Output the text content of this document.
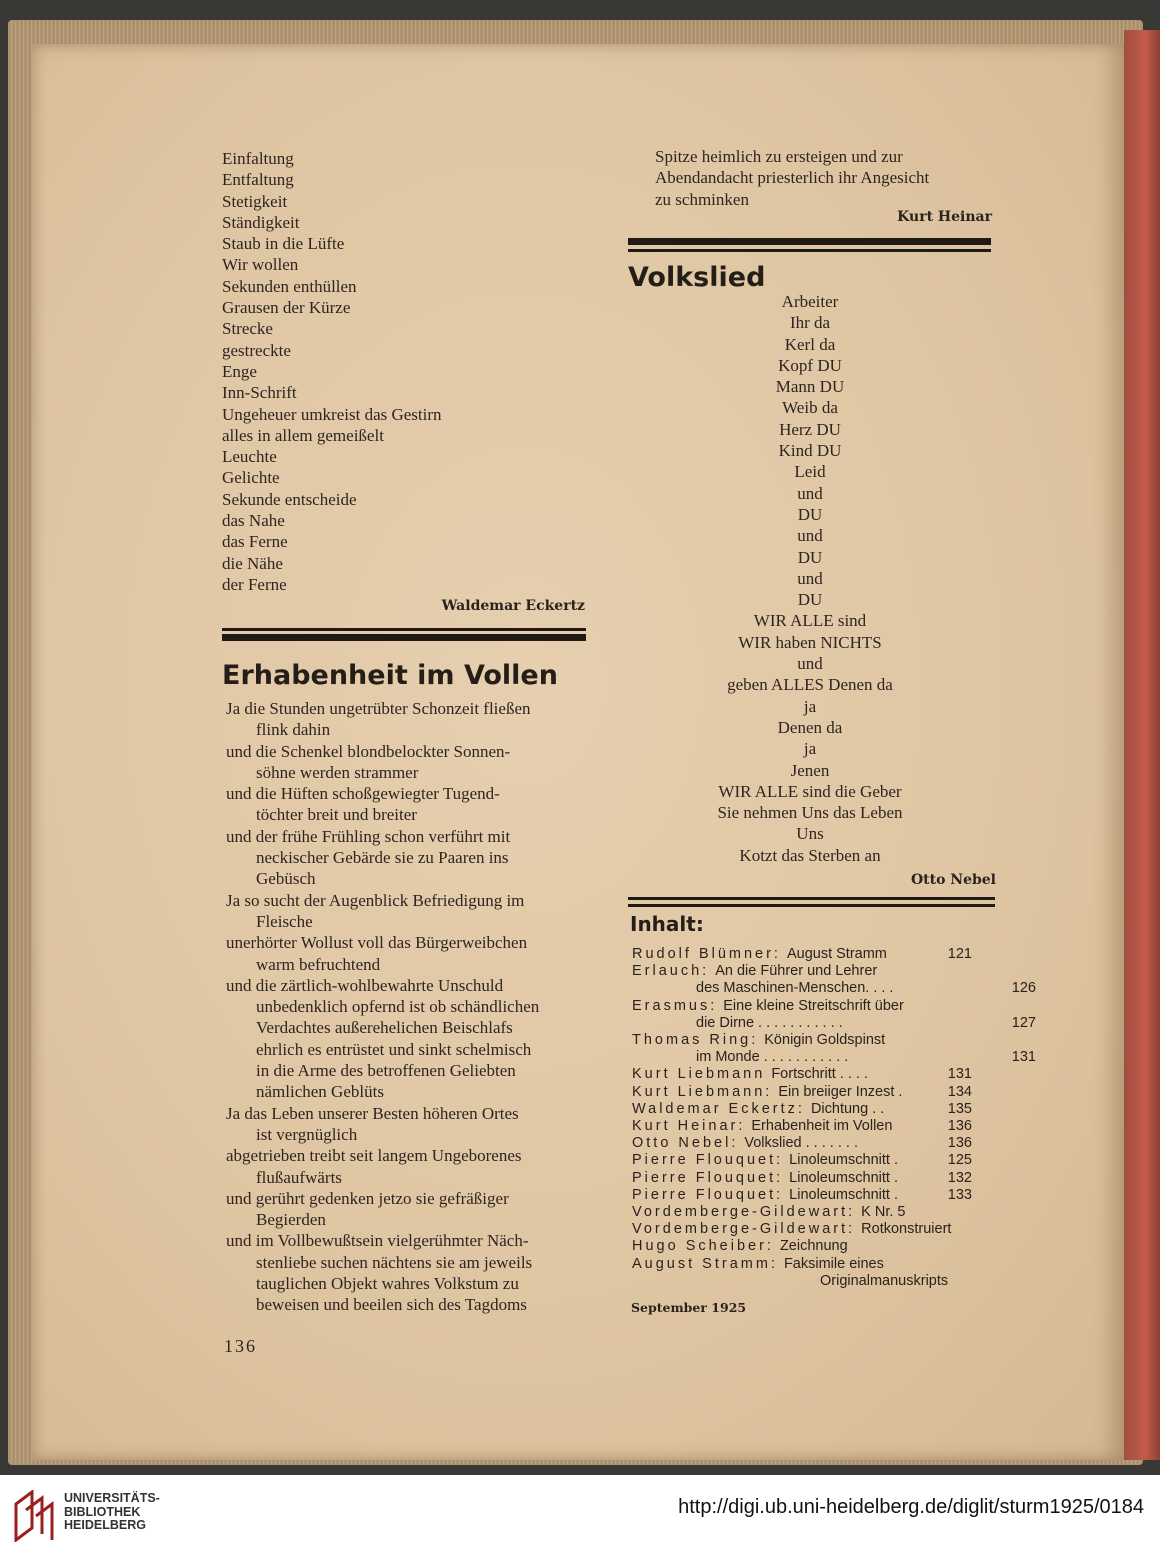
Einfaltung
Entfaltung
Stetigkeit
Ständigkeit
Staub in die Lüfte
Wir wollen
Sekunden enthüllen
Grausen der Kürze
Strecke
gestreckte
Enge
Inn-Schrift
Ungeheuer umkreist das Gestirn
alles in allem gemeißelt
Leuchte
Gelichte
Sekunde entscheide
das Nahe
das Ferne
die Nähe
der Ferne
Waldemar Eckertz
Erhabenheit im Vollen
Ja die Stunden ungetrübter Schonzeit fließen
flink dahin
und die Schenkel blondbelockter Sonnen-
söhne werden strammer
und die Hüften schoßgewiegter Tugend-
töchter breit und breiter
und der frühe Frühling schon verführt mit
neckischer Gebärde sie zu Paaren ins
Gebüsch
Ja so sucht der Augenblick Befriedigung im
Fleische
unerhörter Wollust voll das Bürgerweibchen
warm befruchtend
und die zärtlich-wohlbewahrte Unschuld
unbedenklich opfernd ist ob schändlichen
Verdachtes außerehelichen Beischlafs
ehrlich es entrüstet und sinkt schelmisch
in die Arme des betroffenen Geliebten
nämlichen Geblüts
Ja das Leben unserer Besten höheren Ortes
ist vergnüglich
abgetrieben treibt seit langem Ungeborenes
flußaufwärts
und gerührt gedenken jetzo sie gefräßiger
Begierden
und im Vollbewußtsein vielgerühmter Näch-
stenliebe suchen nächtens sie am jeweils
tauglichen Objekt wahres Volkstum zu
beweisen und beeilen sich des Tagdoms
Spitze heimlich zu ersteigen und zur
Abendandacht priesterlich ihr Angesicht
zu schminken
Kurt Heinar
Volkslied
Arbeiter
Ihr da
Kerl da
Kopf DU
Mann DU
Weib da
Herz DU
Kind DU
Leid
und
DU
und
DU
und
DU
WIR ALLE sind
WIR haben NICHTS
und
geben ALLES Denen da
ja
Denen da
ja
Jenen
WIR ALLE sind die Geber
Sie nehmen Uns das Leben
Uns
Kotzt das Sterben an
Otto Nebel
Inhalt:
Rudolf Blümner: August Stramm	121
Erlauch: An die Führer und Lehrer
des Maschinen-Menschen. . . .	126
Erasmus: Eine kleine Streitschrift über
die Dirne . . . . . . . . . . .	127
Thomas Ring: Königin Goldspinst
im Monde . . . . . . . . . . .	131
Kurt Liebmann Fortschritt . . . .	131
Kurt Liebmann: Ein breiiger Inzest .	134
Waldemar Eckertz: Dichtung . .	135
Kurt Heinar: Erhabenheit im Vollen	136
Otto Nebel: Volkslied . . . . . . .	136
Pierre Flouquet: Linoleumschnitt .	125
Pierre Flouquet: Linoleumschnitt .	132
Pierre Flouquet: Linoleumschnitt .	133
Vordemberge-Gildewart: K Nr. 5
Vordemberge-Gildewart: Rotkonstruiert
Hugo Scheiber: Zeichnung
August Stramm: Faksimile eines
Originalmanuskripts
September 1925
136
UNIVERSITÄTS-
BIBLIOTHEK
HEIDELBERG
http://digi.ub.uni-heidelberg.de/diglit/sturm1925/0184
